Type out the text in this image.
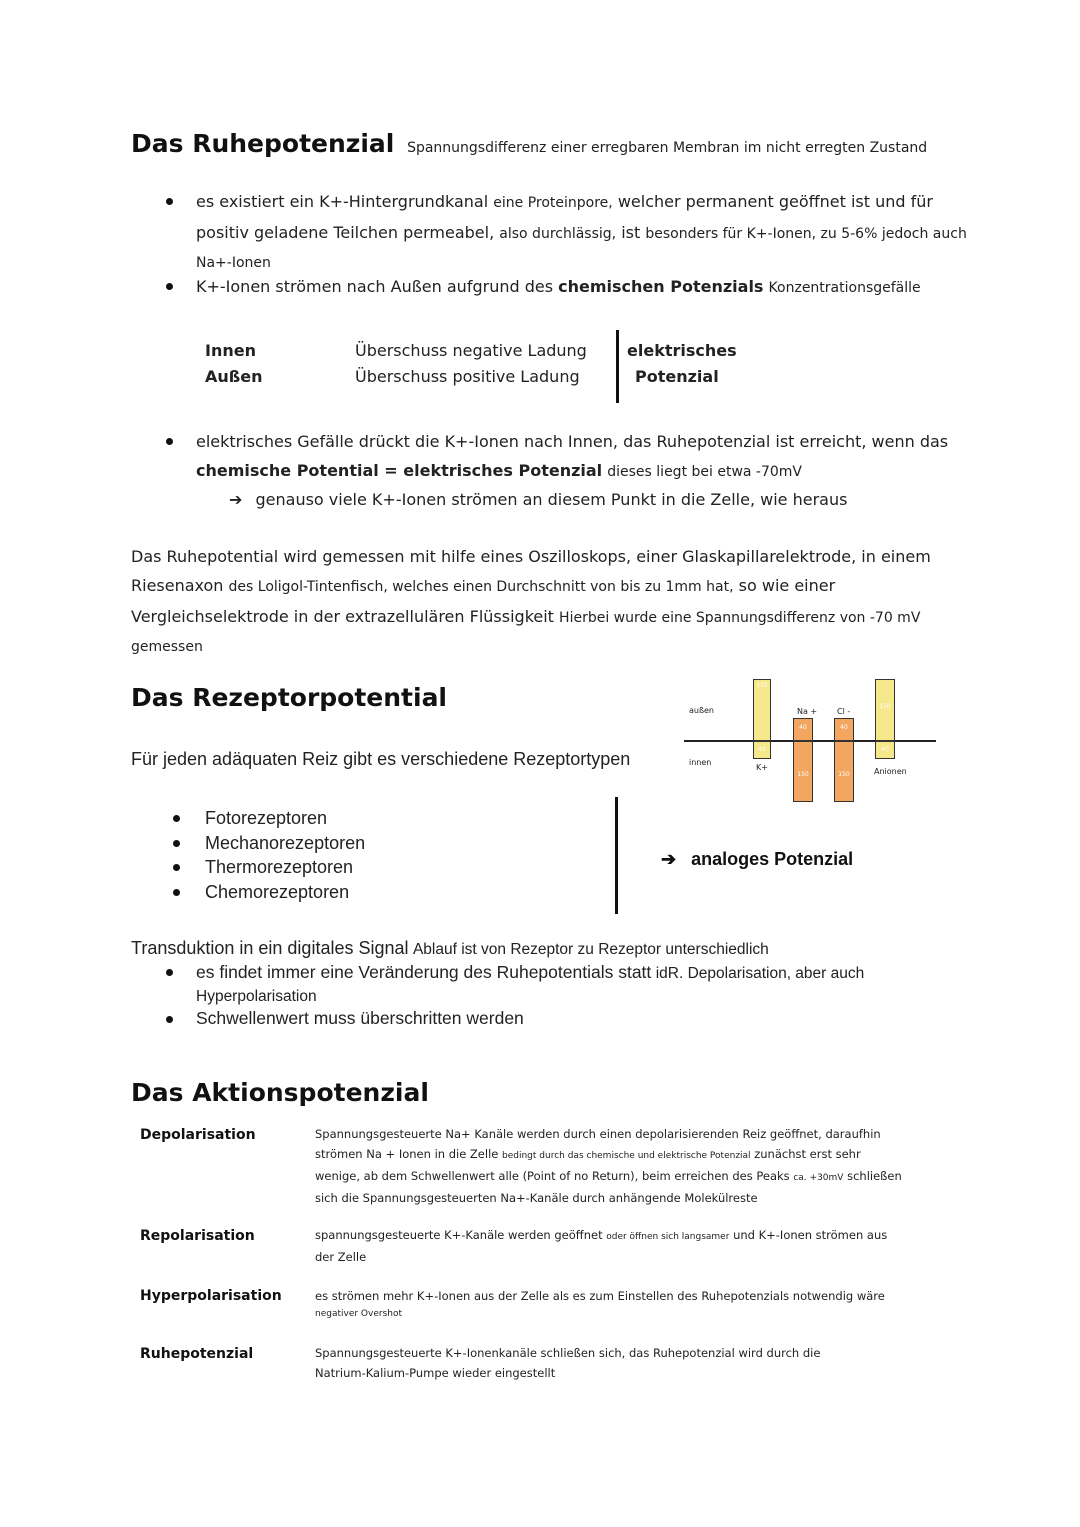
Das Ruhepotenzial Spannungsdifferenz einer erregbaren Membran im nicht erregten Zustand
es existiert ein K+-Hintergrundkanal eine Proteinpore, welcher permanent geöffnet ist und für
positiv geladene Teilchen permeabel, also durchlässig, ist besonders für K+-Ionen, zu 5-6% jedoch auch
Na+-Ionen
K+-Ionen strömen nach Außen aufgrund des chemischen Potenzials Konzentrationsgefälle
Innen	Überschuss negative Ladung
Außen	Überschuss positive Ladung
elektrisches
Potenzial
elektrisches Gefälle drückt die K+-Ionen nach Innen, das Ruhepotenzial ist erreicht, wenn das
chemische Potential = elektrisches Potenzial dieses liegt bei etwa -70mV
➔ genauso viele K+-Ionen strömen an diesem Punkt in die Zelle, wie heraus
Das Ruhepotential wird gemessen mit hilfe eines Oszilloskops, einer Glaskapillarelektrode, in einem
Riesenaxon des Loligol-Tintenfisch, welches einen Durchschnitt von bis zu 1mm hat, so wie einer
Vergleichselektrode in der extrazellulären Flüssigkeit Hierbei wurde eine Spannungsdifferenz von -70 mV
gemessen
Das Rezeptorpotential
Für jeden adäquaten Reiz gibt es verschiedene Rezeptortypen
außen
innen
150
40
K+
Na +
40
150
Cl -
40
150
150
40
Anionen
Fotorezeptoren
Mechanorezeptoren
Thermorezeptoren
Chemorezeptoren
➔ analoges Potenzial
Transduktion in ein digitales Signal Ablauf ist von Rezeptor zu Rezeptor unterschiedlich
es findet immer eine Veränderung des Ruhepotentials statt idR. Depolarisation, aber auch
Hyperpolarisation
Schwellenwert muss überschritten werden
Das Aktionspotenzial
Depolarisation	Spannungsgesteuerte Na+ Kanäle werden durch einen depolarisierenden Reiz geöffnet, daraufhin
strömen Na + Ionen in die Zelle bedingt durch das chemische und elektrische Potenzial zunächst erst sehr
wenige, ab dem Schwellenwert alle (Point of no Return), beim erreichen des Peaks ca. +30mV schließen
sich die Spannungsgesteuerten Na+-Kanäle durch anhängende Molekülreste
Repolarisation	spannungsgesteuerte K+-Kanäle werden geöffnet oder öffnen sich langsamer und K+-Ionen strömen aus
der Zelle
Hyperpolarisation	es strömen mehr K+-Ionen aus der Zelle als es zum Einstellen des Ruhepotenzials notwendig wäre
negativer Overshot
Ruhepotenzial	Spannungsgesteuerte K+-Ionenkanäle schließen sich, das Ruhepotenzial wird durch die
Natrium-Kalium-Pumpe wieder eingestellt
